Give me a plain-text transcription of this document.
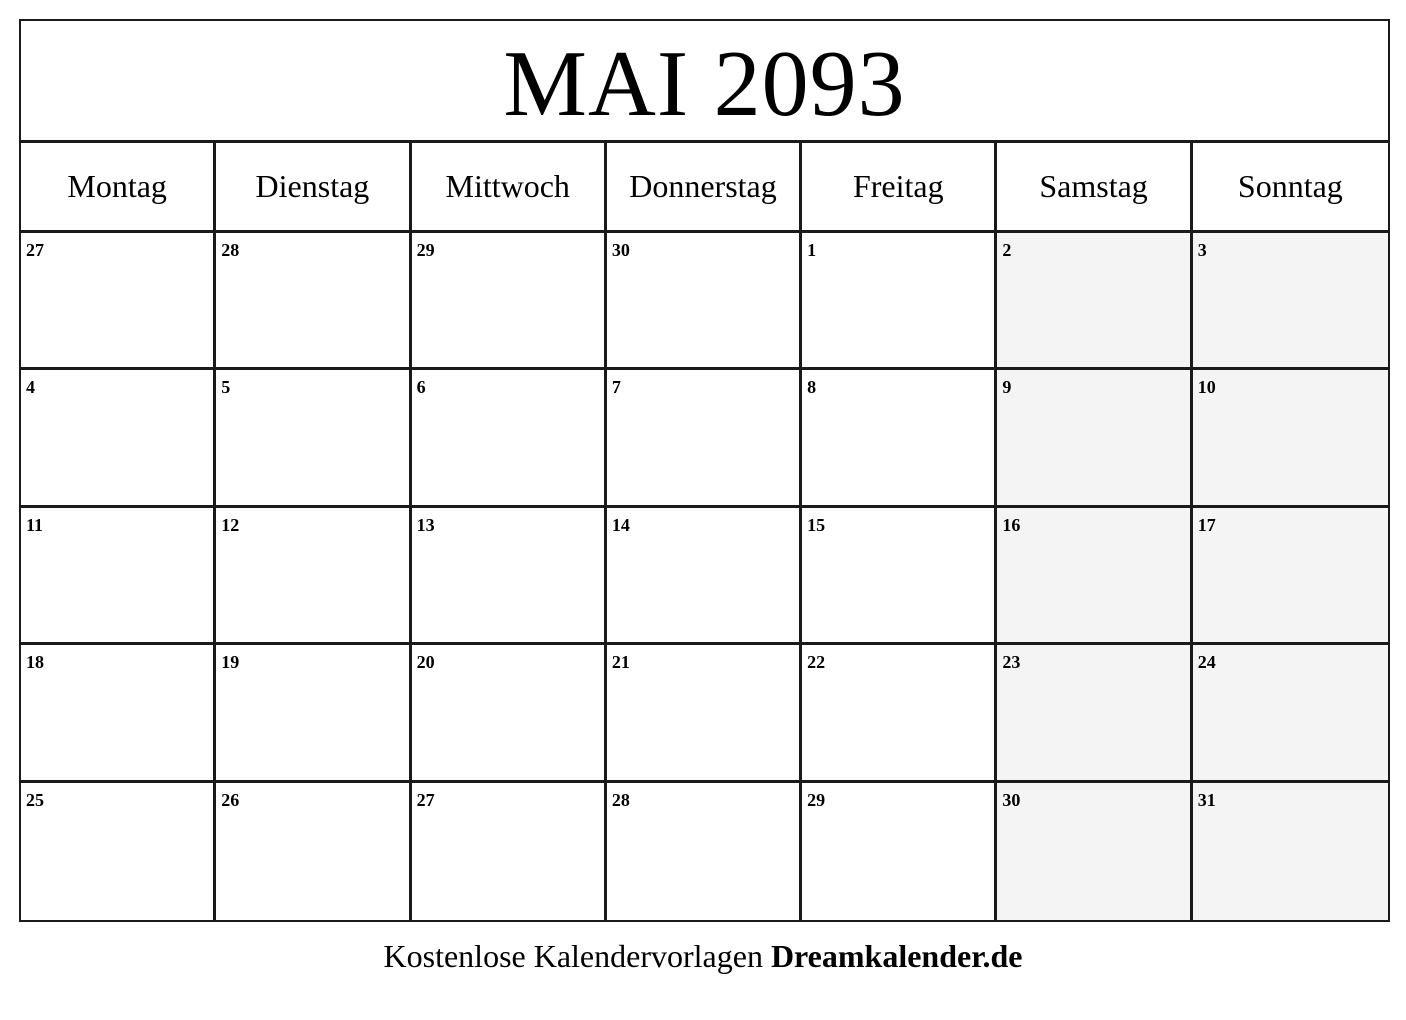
MAI 2093
Montag	Dienstag	Mittwoch	Donnerstag	Freitag	Samstag	Sonntag
27	28	29	30	1	2	3
4	5	6	7	8	9	10
11	12	13	14	15	16	17
18	19	20	21	22	23	24
25	26	27	28	29	30	31
Kostenlose Kalendervorlagen Dreamkalender.de
